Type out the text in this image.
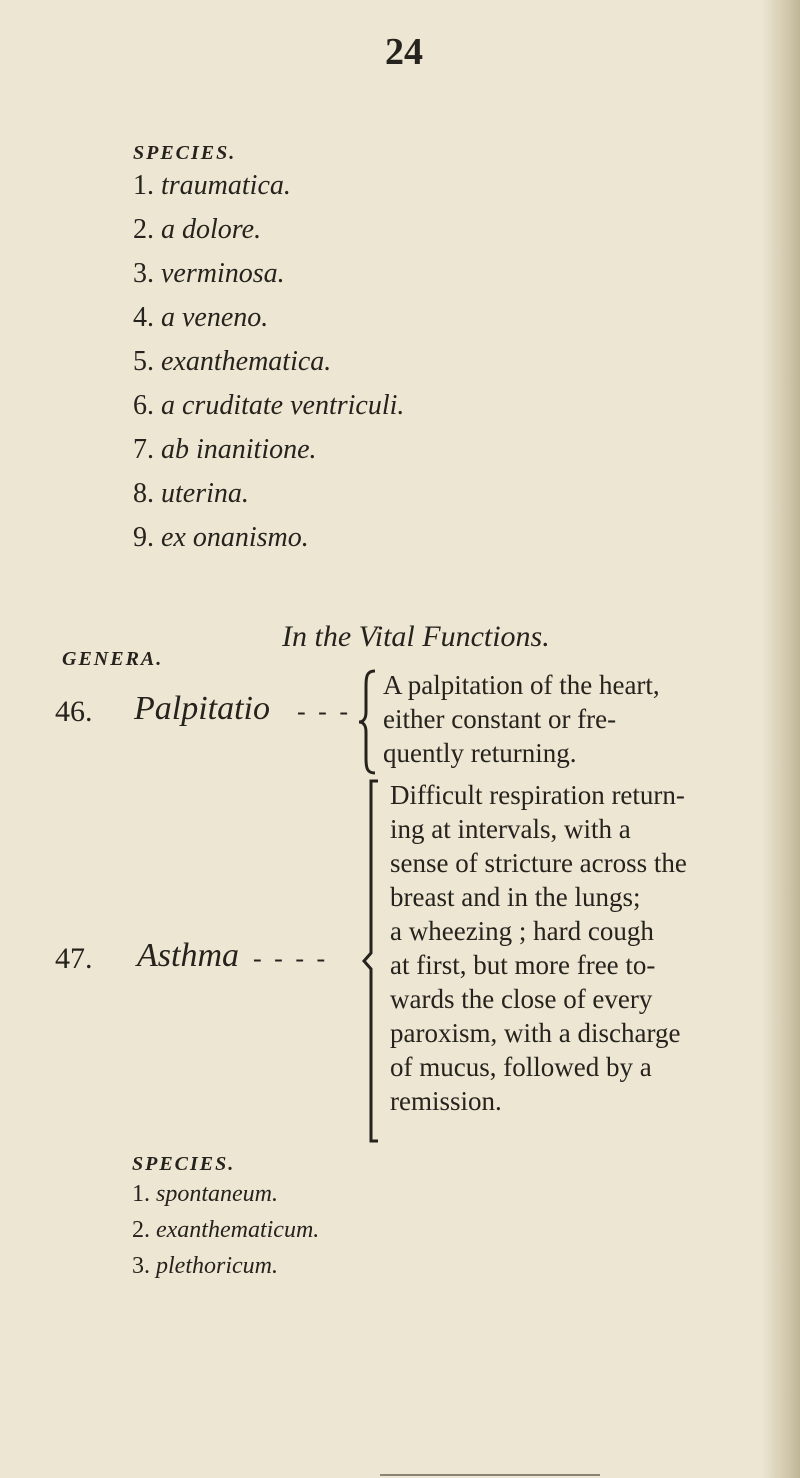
24
SPECIES.
1. traumatica.
2. a dolore.
3. verminosa.
4. a veneno.
5. exanthematica.
6. a cruditate ventriculi.
7. ab inanitione.
8. uterina.
9. ex onanismo.
In the Vital Functions.
GENERA.
46. Palpitatio - - -
A palpitation of the heart,
either constant or fre-
quently returning.
47. Asthma - - - -
Difficult respiration return-
ing at intervals, with a
sense of stricture across the
breast and in the lungs;
a wheezing ; hard cough
at first, but more free to-
wards the close of every
paroxism, with a discharge
of mucus, followed by a
remission.
SPECIES.
1. spontaneum.
2. exanthematicum.
3. plethoricum.
